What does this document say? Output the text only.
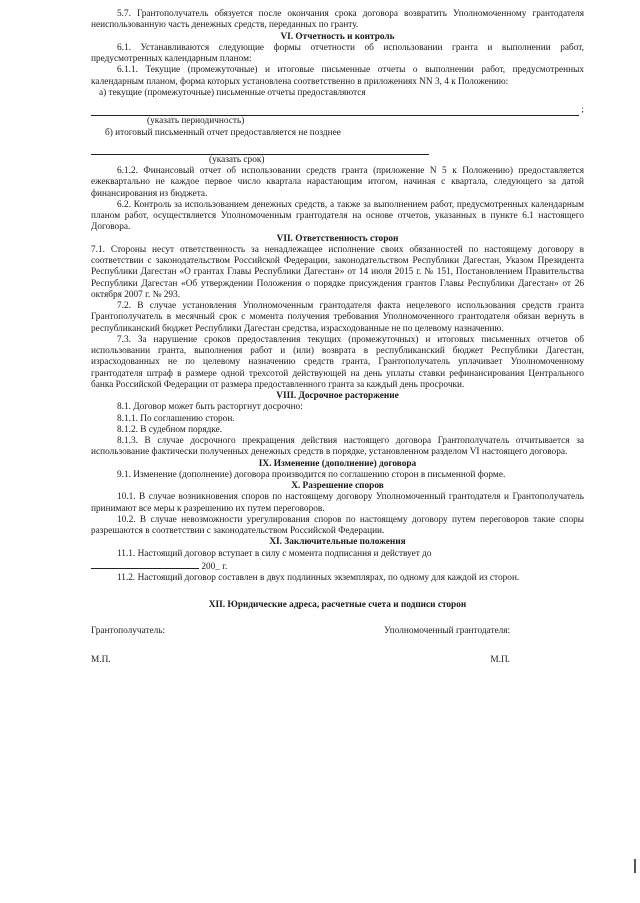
5.7. Грантополучатель обязуется после окончания срока договора возвратить Уполномоченному грантодателя неиспользованную часть денежных средств, переданных по гранту.

VI. Отчетность и контроль

6.1. Устанавливаются следующие формы отчетности об использовании гранта и выполнении работ, предусмотренных календарным планом:

6.1.1. Текущие (промежуточные) и итоговые письменные отчеты о выполнении работ, предусмотренных календарным планом, форма которых установлена соответственно в приложениях NN 3, 4 к Положению:

а) текущие (промежуточные) письменные отчеты предоставляются

;

(указать периодичность)

б) итоговый письменный отчет предоставляется не позднее

(указать срок)

6.1.2. Финансовый отчет об использовании средств гранта (приложение N 5 к Положению) предоставляется ежеквартально не каждое первое число квартала нарастающим итогом, начиная с квартала, следующего за датой финансирования из бюджета.

6.2. Контроль за использованием денежных средств, а также за выполнением работ, предусмотренных календарным планом работ, осуществляется Уполномоченным грантодателя на основе отчетов, указанных в пункте 6.1 настоящего Договора.

VII. Ответственность сторон

7.1. Стороны несут ответственность за ненадлежащее исполнение своих обязанностей по настоящему договору в соответствии с законодательством Российской Федерации, законодательством Республики Дагестан, Указом Президента Республики Дагестан «О грантах Главы Республики Дагестан» от 14 июля 2015 г. № 151, Постановлением Правительства Республики Дагестан «Об утверждении Положения о порядке присуждения грантов Главы Республики Дагестан» от 26 октября 2007 г. № 293.

7.2. В случае установления Уполномоченным грантодателя факта нецелевого использования средств гранта Грантополучатель в месячный срок с момента получения требования Уполномоченного грантодателя обязан вернуть в республиканский бюджет Республики Дагестан средства, израсходованные не по целевому назначению.

7.3. За нарушение сроков предоставления текущих (промежуточных) и итоговых письменных отчетов об использовании гранта, выполнения работ и (или) возврата в республиканский бюджет Республики Дагестан, израсходованных не по целевому назначению средств гранта, Грантополучатель уплачивает Уполномоченному грантодателя штраф в размере одной трехсотой действующей на день уплаты ставки рефинансирования Центрального банка Российской Федерации от размера предоставленного гранта за каждый день просрочки.

VIII. Досрочное расторжение

8.1. Договор может быть расторгнут досрочно:

8.1.1. По соглашению сторон.

8.1.2. В судебном порядке.

8.1.3. В случае досрочного прекращения действия настоящего договора Грантополучатель отчитывается за использование фактически полученных денежных средств в порядке, установленном разделом VI настоящего договора.

IX. Изменение (дополнение) договора

9.1. Изменение (дополнение) договора производится по соглашению сторон в письменной форме.

X. Разрешение споров

10.1. В случае возникновения споров по настоящему договору Уполномоченный грантодателя и Грантополучатель принимают все меры к разрешению их путем переговоров.

10.2. В случае невозможности урегулирования споров по настоящему договору путем переговоров такие споры разрешаются в соответствии с законодательством Российской Федерации.

XI. Заключительные положения

11.1. Настоящий договор вступает в силу с момента подписания и действует до
200_ г.

11.2. Настоящий договор составлен в двух подлинных экземплярах, по одному для каждой из сторон.

XII. Юридические адреса, расчетные счета и подписи сторон

Грантополучатель:	Уполномоченный грантодателя:
М.П.	М.П.
